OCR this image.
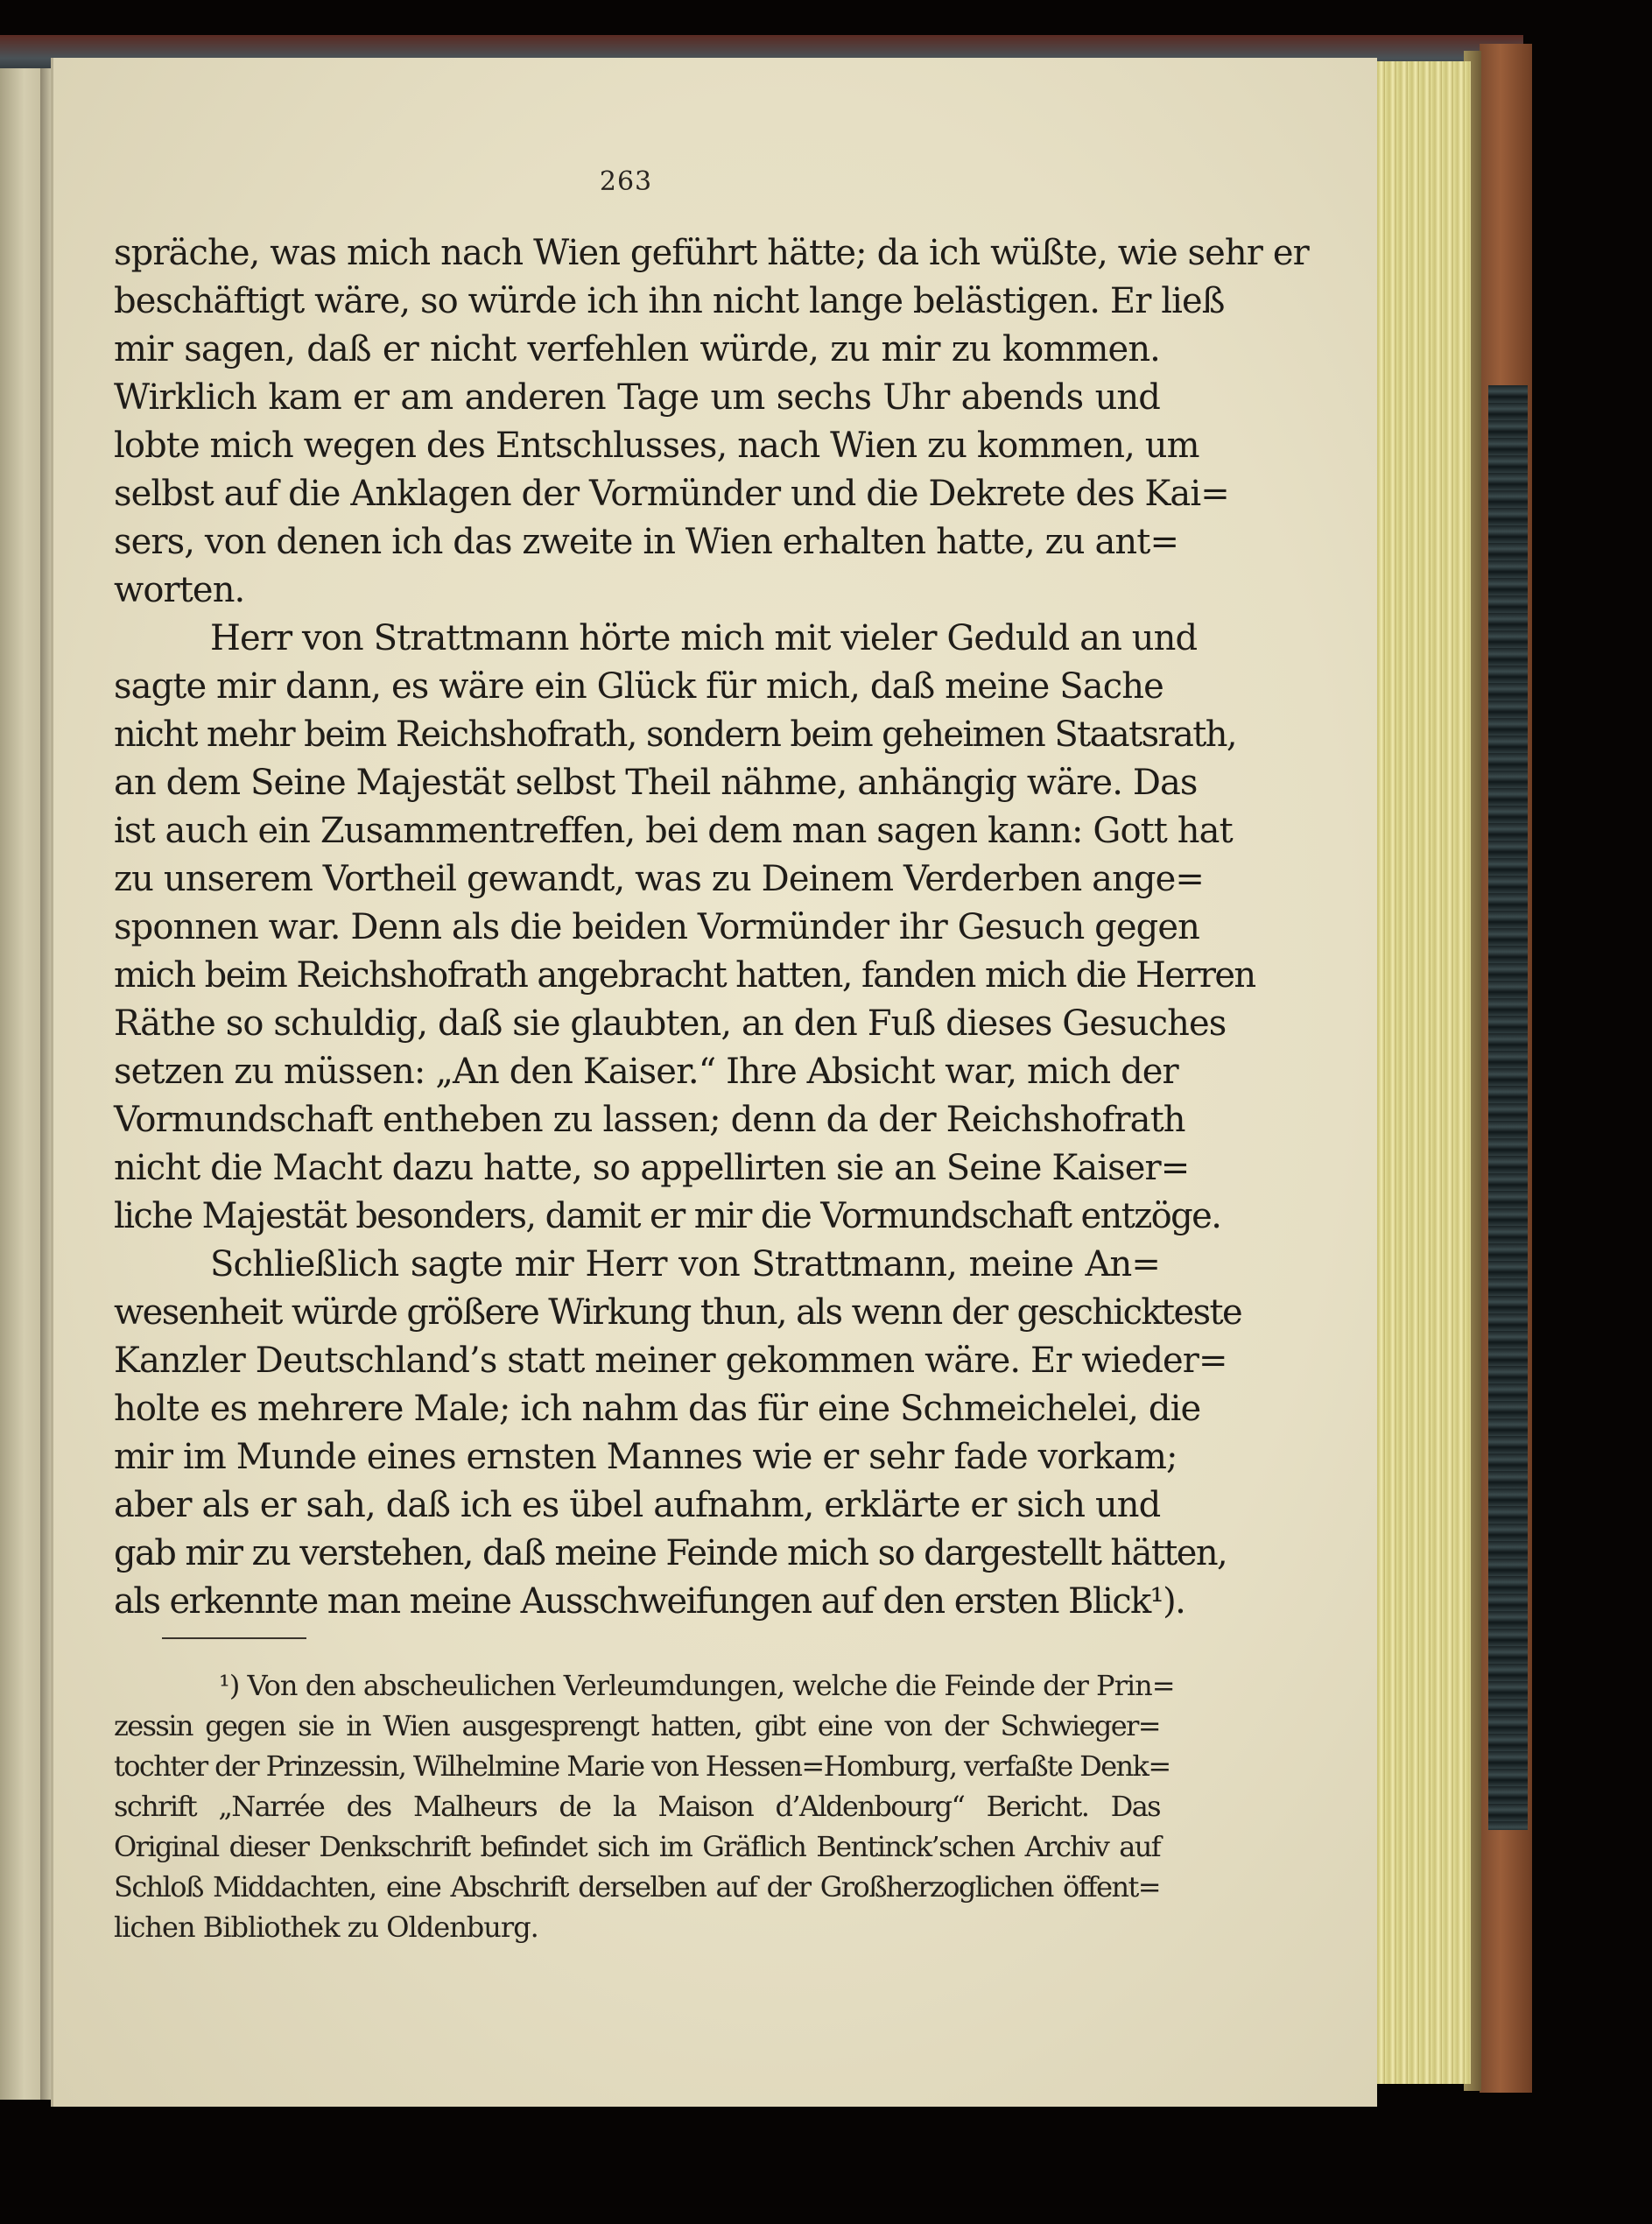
263
spräche, was mich nach Wien geführt hätte; da ich wüßte, wie sehr er
beschäftigt wäre, so würde ich ihn nicht lange belästigen. Er ließ
mir sagen, daß er nicht verfehlen würde, zu mir zu kommen.
Wirklich kam er am anderen Tage um sechs Uhr abends und
lobte mich wegen des Entschlusses, nach Wien zu kommen, um
selbst auf die Anklagen der Vormünder und die Dekrete des Kai=
sers, von denen ich das zweite in Wien erhalten hatte, zu ant=
worten.
Herr von Strattmann hörte mich mit vieler Geduld an und
sagte mir dann, es wäre ein Glück für mich, daß meine Sache
nicht mehr beim Reichshofrath, sondern beim geheimen Staatsrath,
an dem Seine Majestät selbst Theil nähme, anhängig wäre. Das
ist auch ein Zusammentreffen, bei dem man sagen kann: Gott hat
zu unserem Vortheil gewandt, was zu Deinem Verderben ange=
sponnen war. Denn als die beiden Vormünder ihr Gesuch gegen
mich beim Reichshofrath angebracht hatten, fanden mich die Herren
Räthe so schuldig, daß sie glaubten, an den Fuß dieses Gesuches
setzen zu müssen: „An den Kaiser.“ Ihre Absicht war, mich der
Vormundschaft entheben zu lassen; denn da der Reichshofrath
nicht die Macht dazu hatte, so appellirten sie an Seine Kaiser=
liche Majestät besonders, damit er mir die Vormundschaft entzöge.
Schließlich sagte mir Herr von Strattmann, meine An=
wesenheit würde größere Wirkung thun, als wenn der geschickteste
Kanzler Deutschland’s statt meiner gekommen wäre. Er wieder=
holte es mehrere Male; ich nahm das für eine Schmeichelei, die
mir im Munde eines ernsten Mannes wie er sehr fade vorkam;
aber als er sah, daß ich es übel aufnahm, erklärte er sich und
gab mir zu verstehen, daß meine Feinde mich so dargestellt hätten,
als erkennte man meine Ausschweifungen auf den ersten Blick¹).
¹) Von den abscheulichen Verleumdungen, welche die Feinde der Prin=
zessin gegen sie in Wien ausgesprengt hatten, gibt eine von der Schwieger=
tochter der Prinzessin, Wilhelmine Marie von Hessen=Homburg, verfaßte Denk=
schrift „Narrée des Malheurs de la Maison d’Aldenbourg“ Bericht. Das
Original dieser Denkschrift befindet sich im Gräflich Bentinck’schen Archiv auf
Schloß Middachten, eine Abschrift derselben auf der Großherzoglichen öffent=
lichen Bibliothek zu Oldenburg.
